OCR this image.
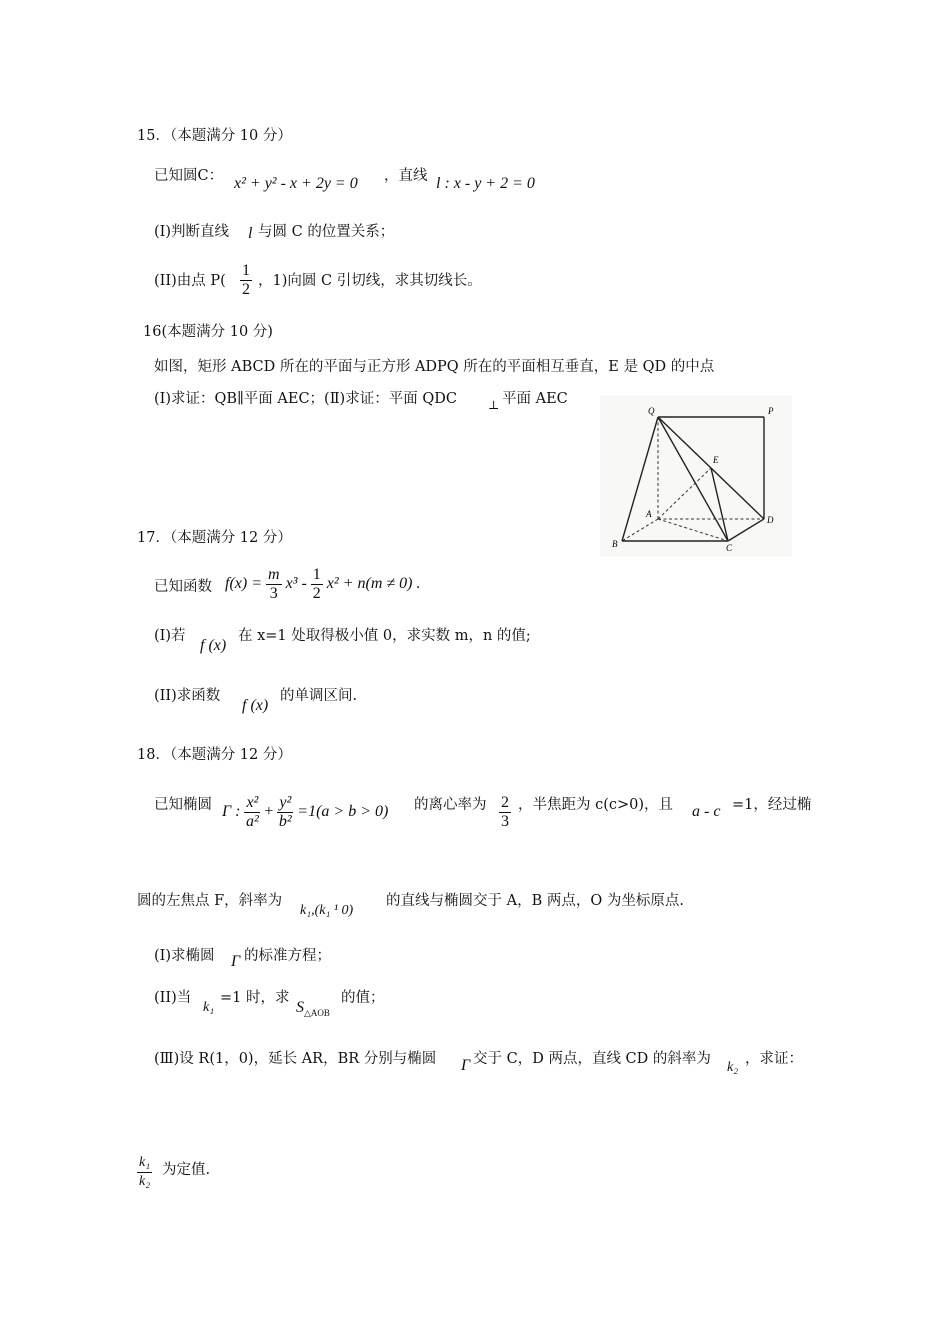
15．（本题满分 10 分）
已知圆C： x² + y² - x + 2y = 0 ，直线 l : x - y + 2 = 0
(I)判断直线 l 与圆 C 的位置关系；
(II)由点 $P( \frac{1}{2}$ ，1)向圆 C 引切线，求其切线长。
16(本题满分 10 分)
如图，矩形 ABCD 所在的平面与正方形 ADPQ 所在的平面相互垂直，E 是 QD 的中点
(I)求证：QB∥平面 AEC；(Ⅱ)求证：平面 QDC	⊥ 平面 AEC
Q	P
E
A
D
B	C
17．（本题满分 12 分）
已知函数 $f(x) = \frac{m}{3} x^3 - \frac{1}{2} x^2 + n(m \ne 0)$ .
(I)若
f (x)
在 x=1 处取得极小值 0，求实数 m，n 的值;
(II)求函数
f (x)
的单调区间.
18．（本题满分 12 分）
已知椭圆 Γ : $\frac{\text{x²}}{\text{a²}} + \frac{\text{y²}}{\text{b²}} =1(a > b > 0)$ 的离心率为 $\frac{2}{3}$ ，半焦距为 c(c>0)，且 a - c =1，经过椭
圆的左焦点 F，斜率为
k₁,(k₁ ¹ 0)
的直线与椭圆交于 A，B 两点，O 为坐标原点.
(I)求椭圆 Γ 的标准方程；
(II)当
k₁
=1 时，求
$S_{\triangle AOB}$
的值；
(Ⅲ)设 R(1，0)，延长 AR，BR 分别与椭圆 Γ 交于 C，D 两点，直线 CD 的斜率为
k₂
，求证：
$\frac{\text{k₁}}{\text{k₂}}$ 为定值.
